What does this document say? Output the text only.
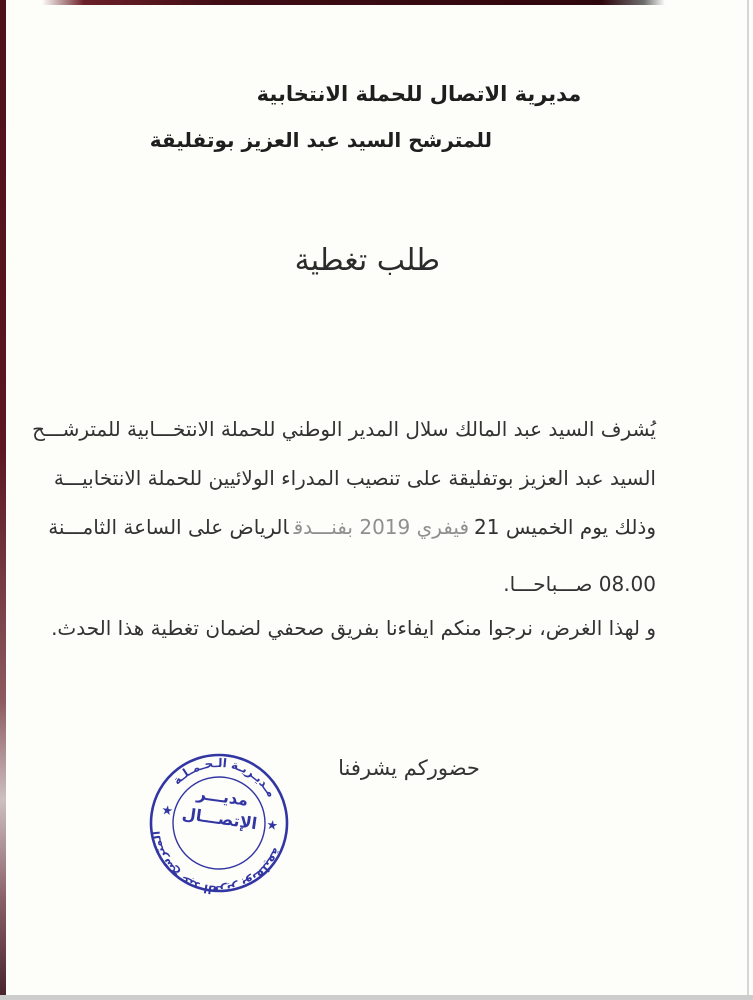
مديرية الاتصال للحملة الانتخابية
للمترشح السيد عبد العزيز بوتفليقة
طلب تغطية
يُشرف السيد عبد المالك سلال المدير الوطني للحملة الانتخـــابية للمترشـــح
السيد عبد العزيز بوتفليقة على تنصيب المدراء الولائيين للحملة الانتخابيـــة
وذلك يوم الخميس 21فيفري 2019 بفنـــدقالرياض على الساعة الثامـــنة
08.00 صـــباحـــا.
و لهذا الغرض، نرجوا منكم ايفاءنا بفريق صحفي لضمان تغطية هذا الحدث.
حضوركم يشرفنا
مـديـريـة الـحـمـلـة
المترشح عبد العزيز بوتفليقة
مديـــر
الإتصـــال
★
★
